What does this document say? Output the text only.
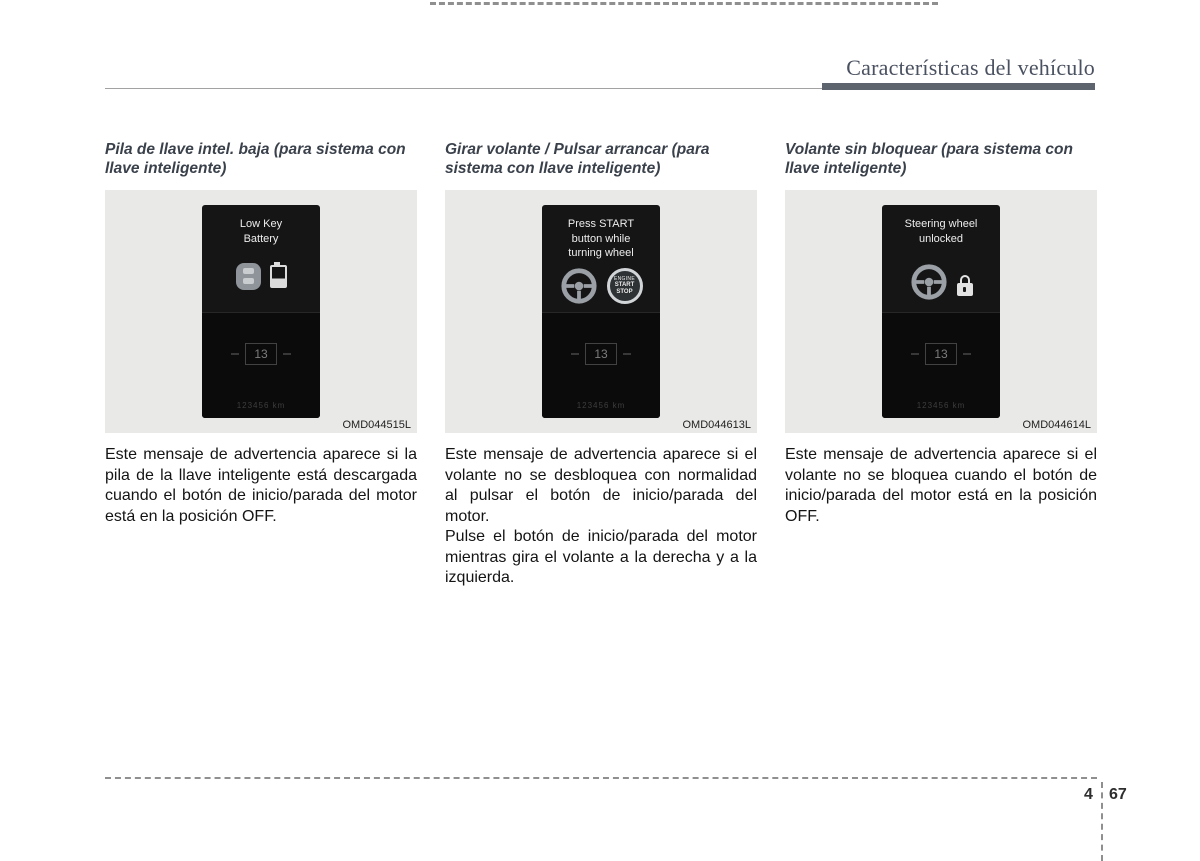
Características del vehículo
Pila de llave intel. baja (para sistema con llave inteligente)
Low Key
Battery
13
123456 km
OMD044515L

Este mensaje de advertencia aparece si la pila de la llave inteligente está descargada cuando el botón de inicio/parada del motor está en la posición OFF.

Girar volante / Pulsar arrancar (para sistema con llave inteligente)
Press START
button while
turning wheel
ENGINE
START
STOP
13
123456 km
OMD044613L

Este mensaje de advertencia aparece si el volante no se desbloquea con normalidad al pulsar el botón de inicio/parada del motor.

Pulse el botón de inicio/parada del motor mientras gira el volante a la derecha y a la izquierda.

Volante sin bloquear (para sistema con llave inteligente)
Steering wheel
unlocked
13
123456 km
OMD044614L

Este mensaje de advertencia aparece si el volante no se bloquea cuando el botón de inicio/parada del motor está en la posición OFF.

4 67
